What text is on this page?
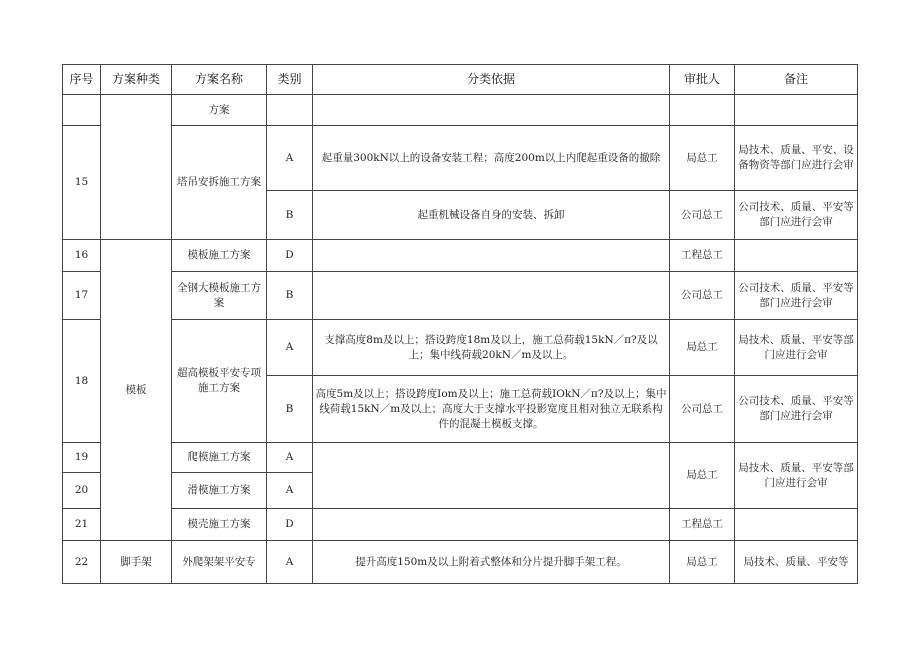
序号	方案种类	方案名称	类别	分类依据	审批人	备注
		方案				
15		塔吊安拆施工方案	A	起重量300kN以上的设备安装工程；高度200m以上内爬起重设备的撤除	局总工	局技术、质量、平安、设备物资等部门应进行会审
			B	起重机械设备自身的安装、拆卸	公司总工	公司技术、质量、平安等部门应进行会审
16	模板	模板施工方案	D		工程总工	
17		全钢大模板施工方案	B		公司总工	公司技术、质量、平安等部门应进行会审
18		超高模板平安专项施工方案	A	支撑高度8m及以上；搭设跨度18m及以上，施工总荷载15kN／π?及以上；集中线荷载20kN／m及以上。	局总工	局技术、质量、平安等部门应进行会审
			B	高度5m及以上；搭设跨度Iom及以上；施工总荷载IOkN／π?及以上；集中线荷载15kN／m及以上；高度大于支撑水平投影宽度且相对独立无联系构件的混凝土模板支撑。	公司总工	公司技术、质量、平安等部门应进行会审
19		爬模施工方案	A		局总工	局技术、质量、平安等部门应进行会审
20		滑模施工方案	A			
21		模壳施工方案	D		工程总工	
22	脚手架	外爬架架平安专	A	提升高度150m及以上附着式整体和分片提升脚手架工程。	局总工	局技术、质量、平安等
